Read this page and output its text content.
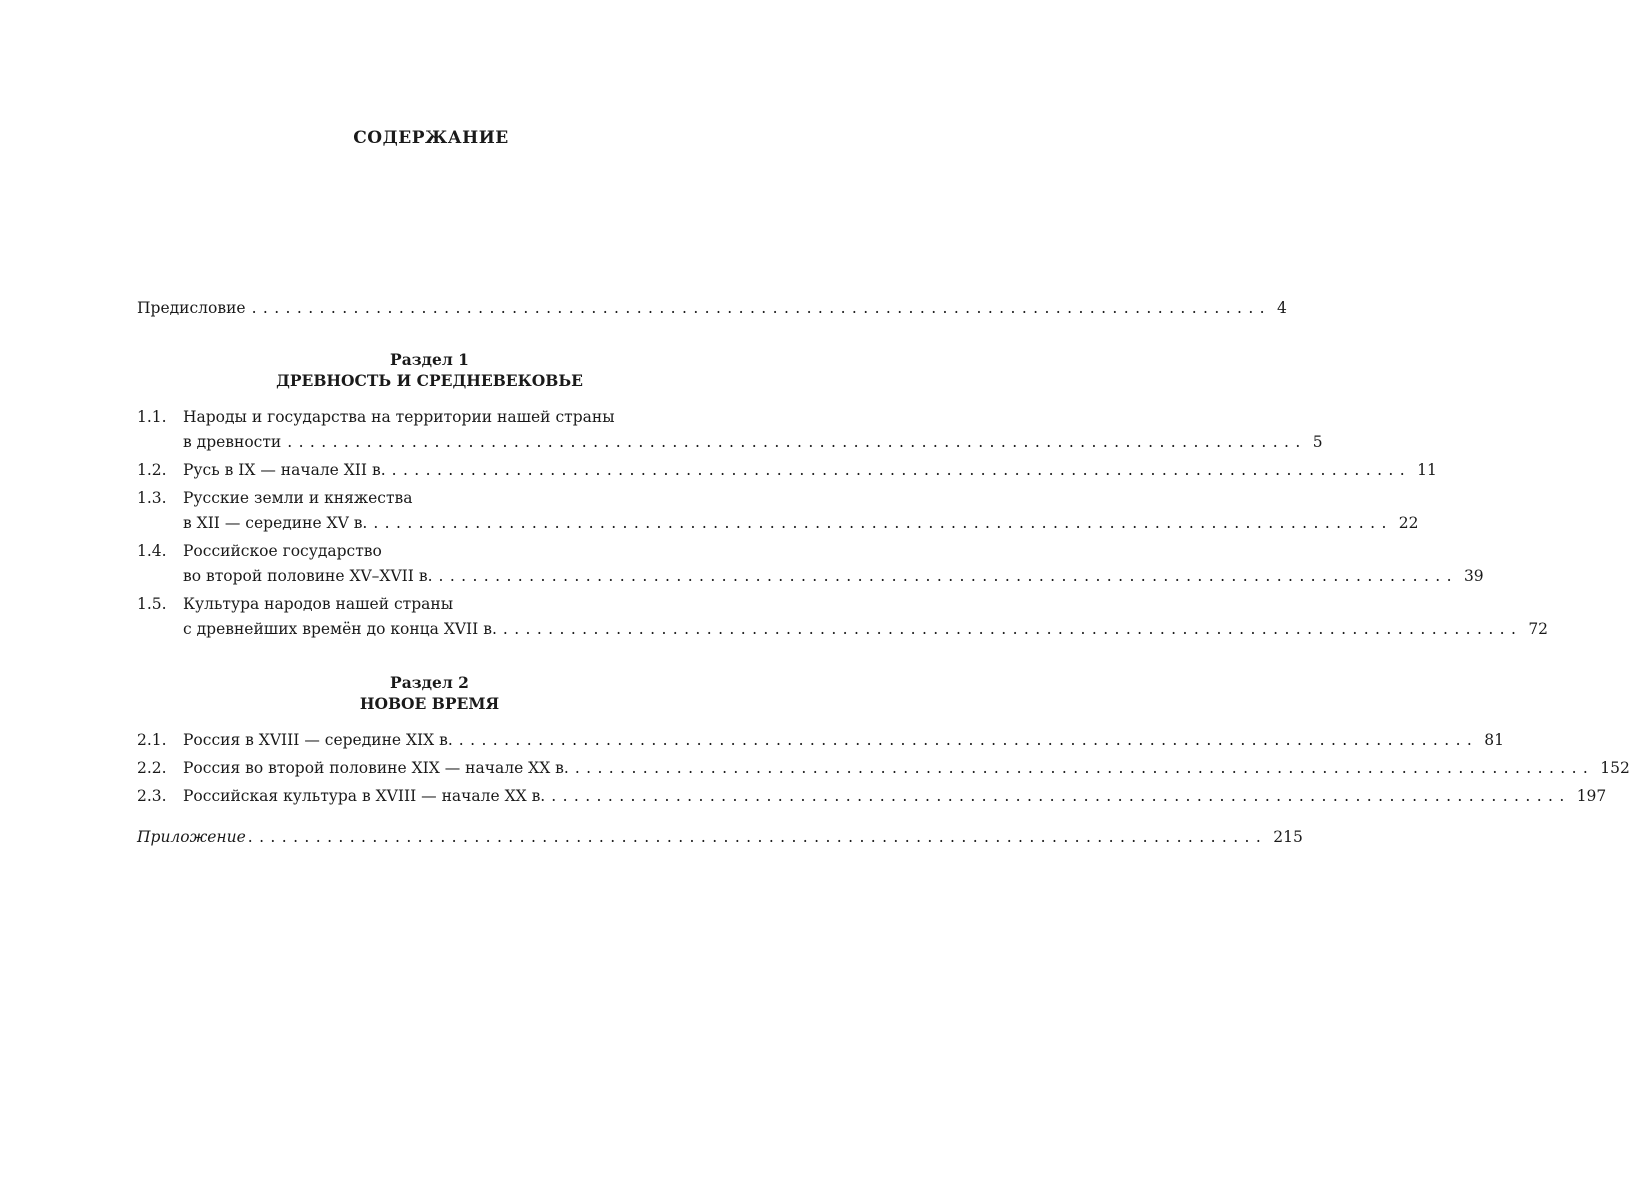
СОДЕРЖАНИЕ
Предисловие .......................................................................................... 4
Раздел 1
ДРЕВНОСТЬ И СРЕДНЕВЕКОВЬЕ
1.1.	Народы и государства на территории нашей страны
в древности .......................................................................................... 5
1.2.	Русь в IX — начале XII в. .......................................................................................... 11
1.3.	Русские земли и княжества
в XII — середине XV в. .......................................................................................... 22
1.4.	Российское государство
во второй половине XV–XVII в. .......................................................................................... 39
1.5.	Культура народов нашей страны
с древнейших времён до конца XVII в. .......................................................................................... 72
Раздел 2
НОВОЕ ВРЕМЯ
2.1.	Россия в XVIII — середине XIX в. .......................................................................................... 81
2.2.	Россия во второй половине XIX — начале XX в. .......................................................................................... 152
2.3.	Российская культура в XVIII — начале XX в. .......................................................................................... 197
Приложение .......................................................................................... 215
